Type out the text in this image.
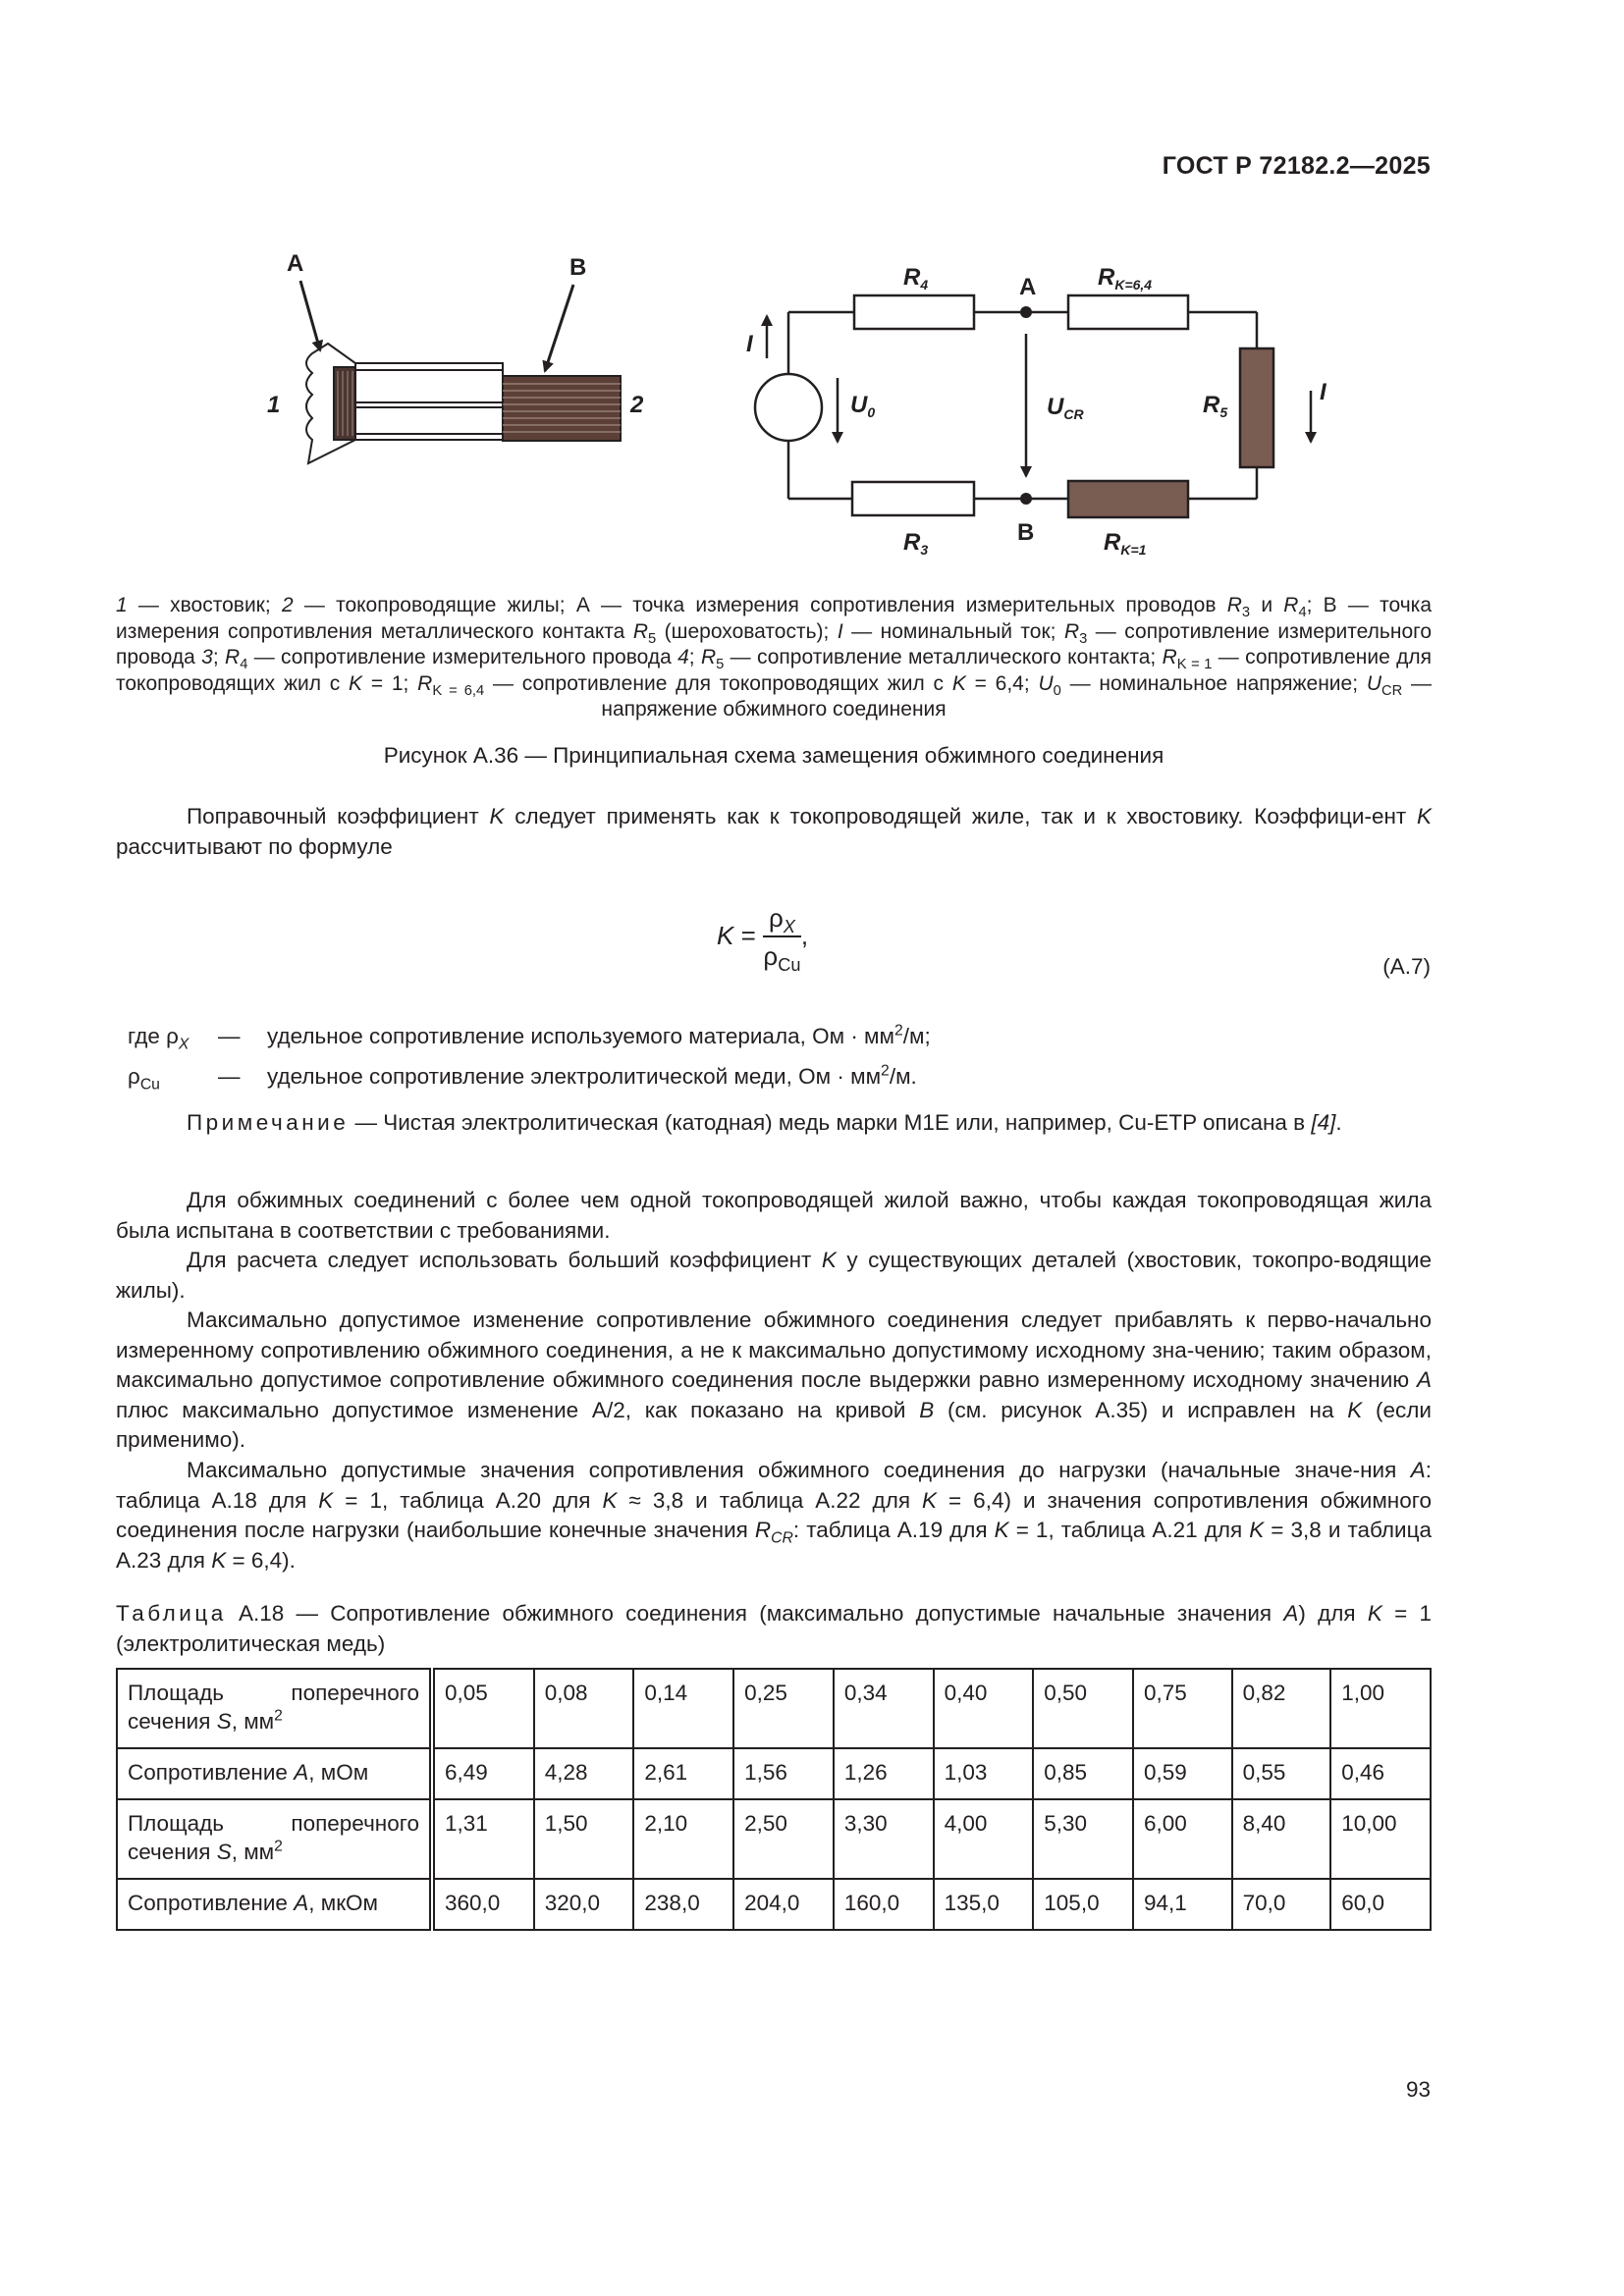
ГОСТ Р 72182.2—2025
A	B
1	2
$R_4$	$R_{K=6,4}$
A
B
I
I
$U_0$	$U_{CR}$	$R_5$
$R_3$	$R_{K=1}$
1 — хвостовик; 2 — токопроводящие жилы; А — точка измерения сопротивления измерительных проводов $R_3$ и $R_4$; В — точка измерения сопротивления металлического контакта $R_5$ (шероховатость); I — номинальный ток; $R_3$ — сопротивление измерительного провода 3; $R_4$ — сопротивление измерительного провода 4; $R_5$ — сопротивление металлического контакта; $R_{K = 1}$ — сопротивление для токопроводящих жил с K = 1; $R_{K = 6,4}$ — сопротивление для токопроводящих жил с K = 6,4; $U_0$ — номинальное напряжение; $U_{CR}$ — напряжение обжимного соединения
Рисунок А.36 — Принципиальная схема замещения обжимного соединения
Поправочный коэффициент K следует применять как к токопроводящей жиле, так и к хвостовику. Коэффици-ент K рассчитывают по формуле
$K = \frac{\rho_X}{\rho_{Cu}}$ ,
(А.7)
где $\rho_X$ — удельное сопротивление используемого материала, Ом · $мм^2/м$;
$\rho_{Cu}$	— удельное сопротивление электролитической меди, Ом · $мм^2/м$.
Примечание — Чистая электролитическая (катодная) медь марки M1E или, например, Cu-ETP описана в [4].
Для обжимных соединений с более чем одной токопроводящей жилой важно, чтобы каждая токопроводящая жила была испытана в соответствии с требованиями.
Для расчета следует использовать больший коэффициент K у существующих деталей (хвостовик, токопро-водящие жилы).
Максимально допустимое изменение сопротивление обжимного соединения следует прибавлять к перво-начально измеренному сопротивлению обжимного соединения, а не к максимально допустимому исходному зна-чению; таким образом, максимально допустимое сопротивление обжимного соединения после выдержки равно измеренному исходному значению А плюс максимально допустимое изменение А/2, как показано на кривой В (см. рисунок А.35) и исправлен на K (если применимо).
Максимально допустимые значения сопротивления обжимного соединения до нагрузки (начальные значе-ния А: таблица А.18 для K = 1, таблица А.20 для K ≈ 3,8 и таблица А.22 для K = 6,4) и значения сопротивления обжимного соединения после нагрузки (наибольшие конечные значения $R_{CR}$: таблица А.19 для K = 1, таблица А.21 для K = 3,8 и таблица А.23 для K = 6,4).
Таблица А.18 — Сопротивление обжимного соединения (максимально допустимые начальные значения А) для K = 1 (электролитическая медь)
Площадь поперечного сечения S, $мм^2$	0,05	0,08	0,14	0,25	0,34	0,40	0,50	0,75	0,82	1,00
Сопротивление А, мОм	6,49	4,28	2,61	1,56	1,26	1,03	0,85	0,59	0,55	0,46
Площадь поперечного сечения S, $мм^2$	1,31	1,50	2,10	2,50	3,30	4,00	5,30	6,00	8,40	10,00
Сопротивление А, мкОм	360,0	320,0	238,0	204,0	160,0	135,0	105,0	94,1	70,0	60,0
93
